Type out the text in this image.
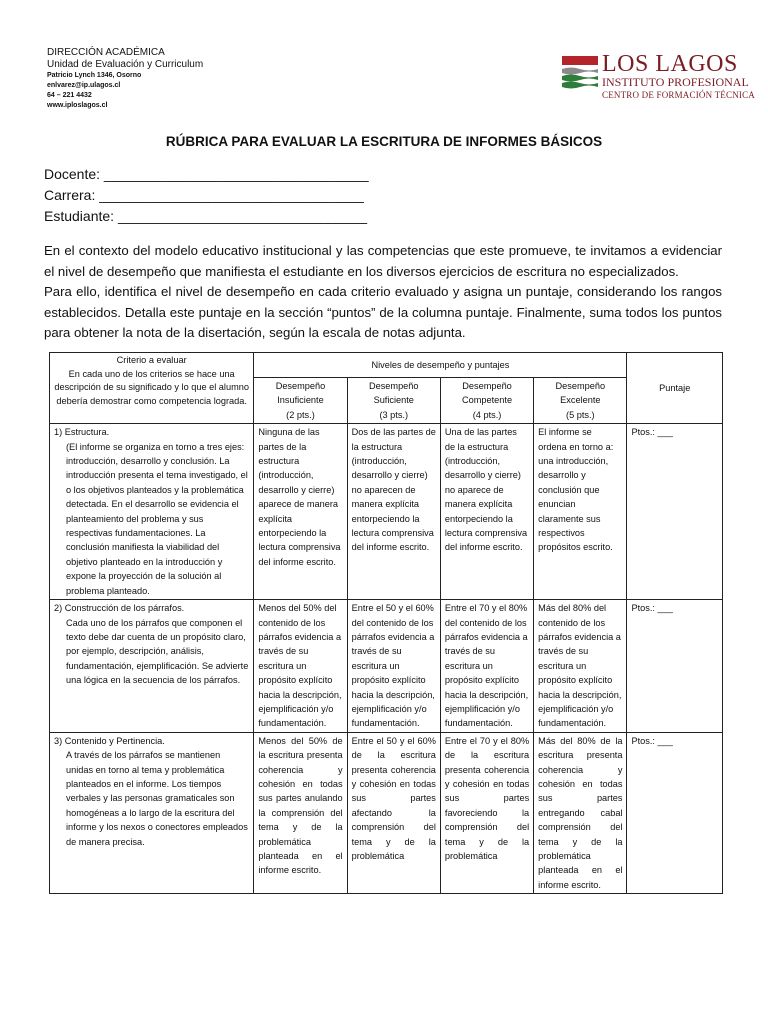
DIRECCIÓN ACADÉMICA
Unidad de Evaluación y Curriculum
Patricio Lynch 1346, Osorno
enlvarez@ip.ulagos.cl
64 – 221 4432
www.iploslagos.cl
LOS LAGOS
INSTITUTO PROFESIONAL
CENTRO DE FORMACIÓN TÉCNICA
RÚBRICA PARA EVALUAR LA ESCRITURA DE INFORMES BÁSICOS
Docente: __________________________________
Carrera: __________________________________
Estudiante: ________________________________

En el contexto del modelo educativo institucional y las competencias que este promueve, te invitamos a evidenciar el nivel de desempeño que manifiesta el estudiante en los diversos ejercicios de escritura no especializados.

Para ello, identifica el nivel de desempeño en cada criterio evaluado y asigna un puntaje, considerando los rangos establecidos. Detalla este puntaje en la sección “puntos” de la columna puntaje. Finalmente, suma todos los puntos para obtener la nota de la disertación, según la escala de notas adjunta.

Criterio a evaluar
En cada uno de los criterios se hace una descripción de su significado y lo que el alumno debería demostrar como competencia lograda.	Niveles de desempeño y puntajes				Puntaje
	Desempeño
Insuficiente
(2 pts.)	Desempeño
Suficiente
(3 pts.)	Desempeño
Competente
(4 pts.)	Desempeño
Excelente
(5 pts.)	

1) Estructura.
(El informe se organiza en torno a tres ejes: introducción, desarrollo y conclusión. La introducción presenta el tema investigado, el o los objetivos planteados y la problemática detectada. En el desarrollo se evidencia el planteamiento del problema y sus respectivas fundamentaciones. La conclusión manifiesta la viabilidad del objetivo planteado en la introducción y expone la proyección de la solución al problema planteado.	Ninguna de las partes de la estructura (introducción, desarrollo y cierre) aparece de manera explícita entorpeciendo la lectura comprensiva del informe escrito.	Dos de las partes de la estructura (introducción, desarrollo y cierre) no aparecen de manera explícita entorpeciendo la lectura comprensiva del informe escrito.	Una de las partes de la estructura (introducción, desarrollo y cierre) no aparece de manera explícita entorpeciendo la lectura comprensiva del informe escrito.	El informe se ordena en torno a: una introducción, desarrollo y conclusión que enuncian claramente sus respectivos propósitos escrito.	Ptos.: ___

2) Construcción de los párrafos.
Cada uno de los párrafos que componen el texto debe dar cuenta de un propósito claro, por ejemplo, descripción, análisis, fundamentación, ejemplificación. Se advierte una lógica en la secuencia de los párrafos.	Menos del 50% del contenido de los párrafos evidencia a través de su escritura un propósito explícito hacia la descripción, ejemplificación y/o fundamentación.	Entre el 50 y el 60% del contenido de los párrafos evidencia a través de su escritura un propósito explícito hacia la descripción, ejemplificación y/o fundamentación.	Entre el 70 y el 80% del contenido de los párrafos evidencia a través de su escritura un propósito explícito hacia la descripción, ejemplificación y/o fundamentación.	Más del 80% del contenido de los párrafos evidencia a través de su escritura un propósito explícito hacia la descripción, ejemplificación y/o fundamentación.	Ptos.: ___

3) Contenido y Pertinencia.
A través de los párrafos se mantienen unidas en torno al tema y problemática planteados en el informe. Los tiempos verbales y las personas gramaticales son homogéneas a lo largo de la escritura del informe y los nexos o conectores empleados de manera precisa.	Menos del 50% de la escritura presenta coherencia y cohesión en todas sus partes anulando la comprensión del tema y de la problemática planteada en el informe escrito.	Entre el 50 y el 60% de la escritura presenta coherencia y cohesión en todas sus partes afectando la comprensión del tema y de la problemática	Entre el 70 y el 80% de la escritura presenta coherencia y cohesión en todas sus partes favoreciendo la comprensión del tema y de la problemática	Más del 80% de la escritura presenta coherencia y cohesión en todas sus partes entregando cabal comprensión del tema y de la problemática planteada en el informe escrito.	Ptos.: ___
